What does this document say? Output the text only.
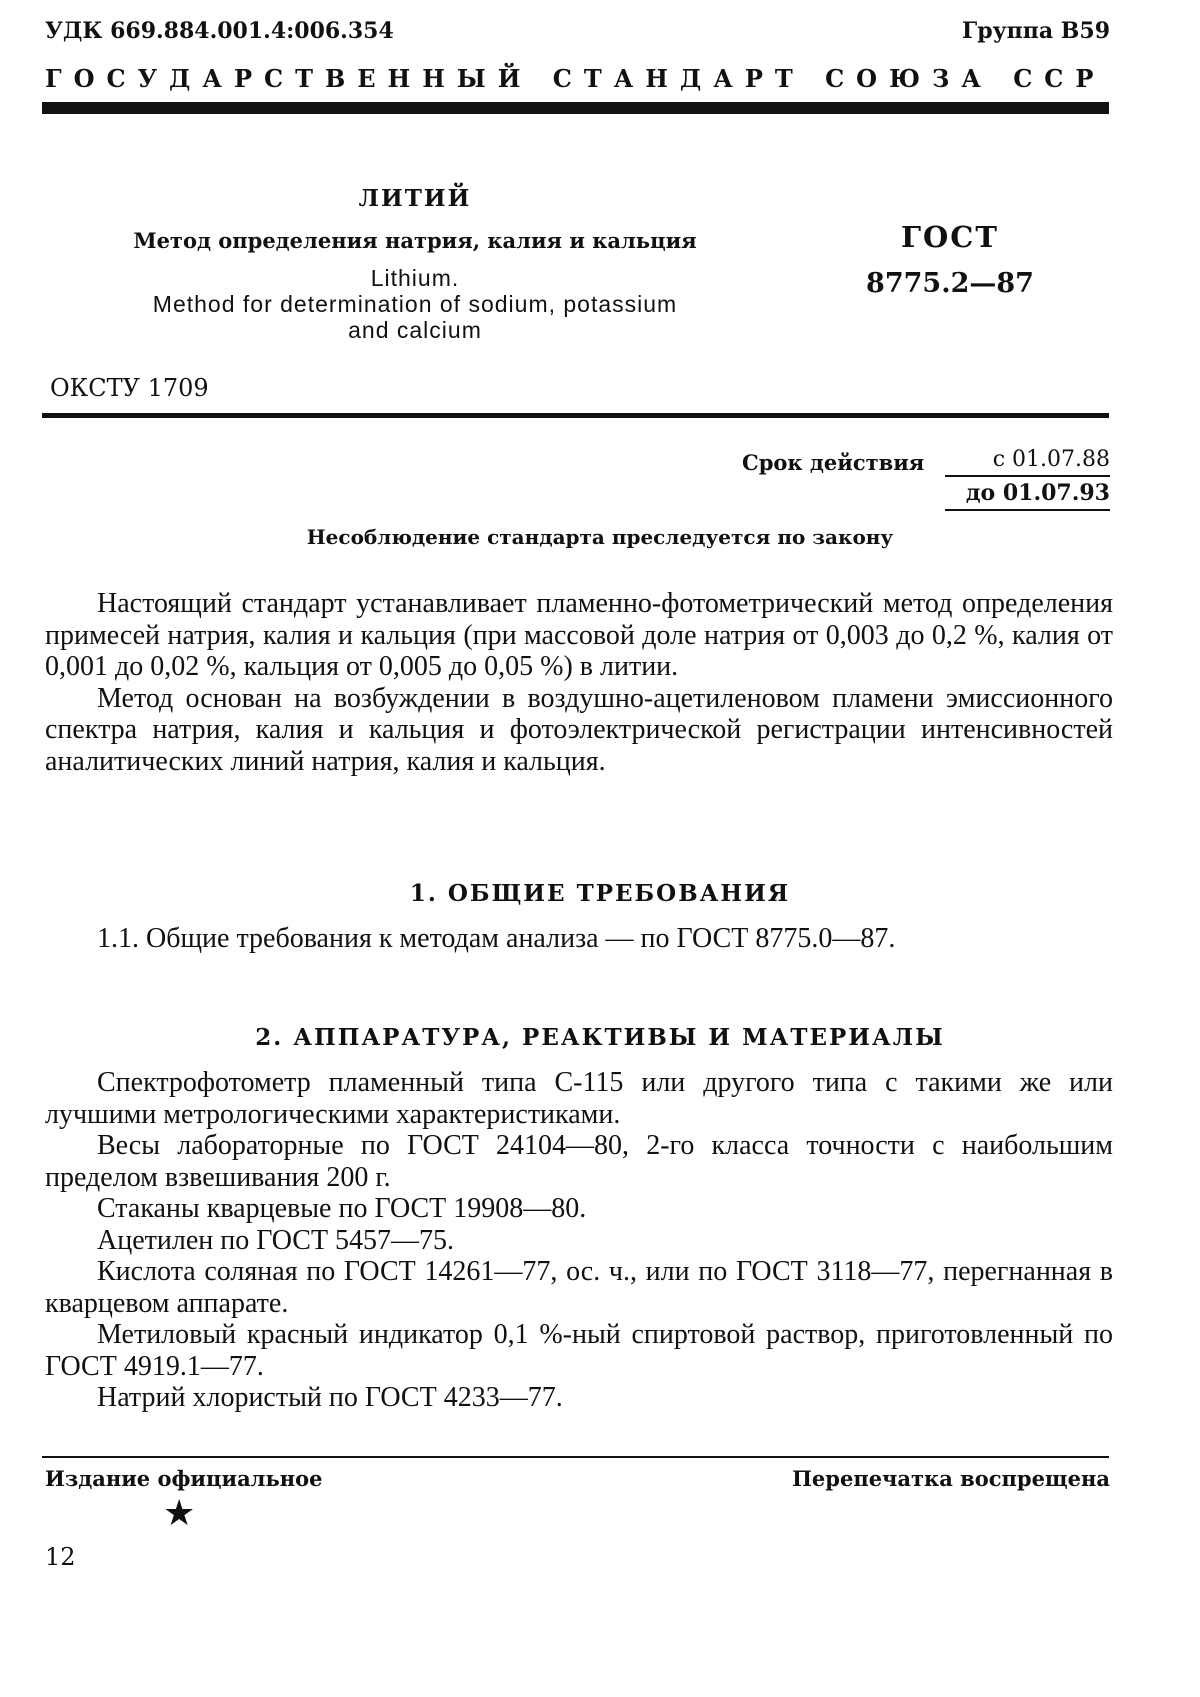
УДК 669.884.001.4:006.354	Группа В59
ГОСУДАРСТВЕННЫЙ СТАНДАРТ СОЮЗА ССР
ЛИТИЙ
Метод определения натрия, калия и кальция
Lithium.
Method for determination of sodium, potassium
and calcium
ГОСТ
8775.2—87
ОКСТУ 1709
Срок действия	с 01.07.88
до 01.07.93
Несоблюдение стандарта преследуется по закону

Настоящий стандарт устанавливает пламенно-фотометрический метод определения примесей натрия, калия и кальция (при массовой доле натрия от 0,003 до 0,2 %, калия от 0,001 до 0,02 %, кальция от 0,005 до 0,05 %) в литии.

Метод основан на возбуждении в воздушно-ацетиленовом пламени эмиссионного спектра натрия, калия и кальция и фотоэлектрической регистрации интенсивностей аналитических линий натрия, калия и кальция.

1. ОБЩИЕ ТРЕБОВАНИЯ

1.1. Общие требования к методам анализа — по ГОСТ 8775.0—87.

2. АППАРАТУРА, РЕАКТИВЫ И МАТЕРИАЛЫ

Спектрофотометр пламенный типа С-115 или другого типа с такими же или лучшими метрологическими характеристиками.

Весы лабораторные по ГОСТ 24104—80, 2-го класса точности с наибольшим пределом взвешивания 200 г.

Стаканы кварцевые по ГОСТ 19908—80.

Ацетилен по ГОСТ 5457—75.

Кислота соляная по ГОСТ 14261—77, ос. ч., или по ГОСТ 3118—77, перегнанная в кварцевом аппарате.

Метиловый красный индикатор 0,1 %-ный спиртовой раствор, приготовленный по ГОСТ 4919.1—77.

Натрий хлористый по ГОСТ 4233—77.

Издание официальное	Перепечатка воспрещена
★
12
